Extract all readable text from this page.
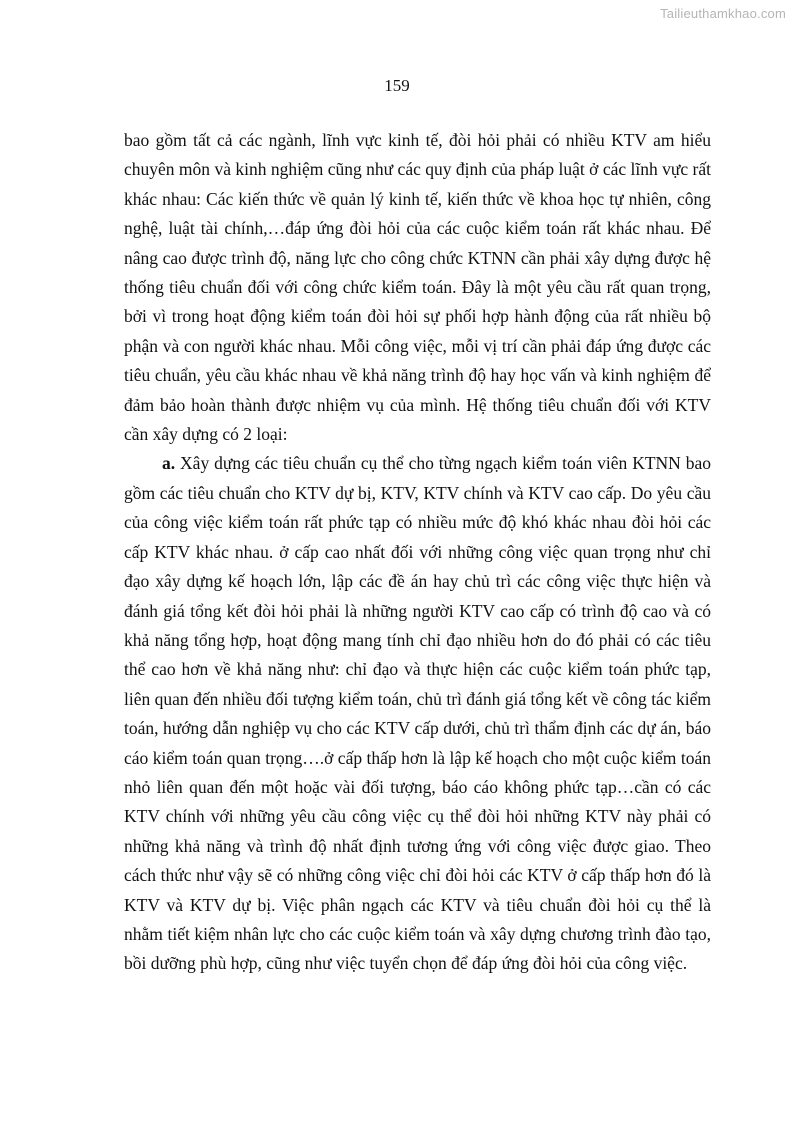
Tailieuthamkhao.com
159

bao gồm tất cả các ngành, lĩnh vực kinh tế, đòi hỏi phải có nhiều KTV am hiểu chuyên môn và kinh nghiệm cũng như các quy định của pháp luật ở các lĩnh vực rất khác nhau: Các kiến thức về quản lý kinh tế, kiến thức về khoa học tự nhiên, công nghệ, luật tài chính,…đáp ứng đòi hỏi của các cuộc kiểm toán rất khác nhau. Để nâng cao được trình độ, năng lực cho công chức KTNN cần phải xây dựng được hệ thống tiêu chuẩn đối với công chức kiểm toán. Đây là một yêu cầu rất quan trọng, bởi vì trong hoạt động kiểm toán đòi hỏi sự phối hợp hành động của rất nhiều bộ phận và con người khác nhau. Mỗi công việc, mỗi vị trí cần phải đáp ứng được các tiêu chuẩn, yêu cầu khác nhau về khả năng trình độ hay học vấn và kinh nghiệm để đảm bảo hoàn thành được nhiệm vụ của mình. Hệ thống tiêu chuẩn đối với KTV cần xây dựng có 2 loại:

a. Xây dựng các tiêu chuẩn cụ thể cho từng ngạch kiểm toán viên KTNN bao gồm các tiêu chuẩn cho KTV dự bị, KTV, KTV chính và KTV cao cấp. Do yêu cầu của công việc kiểm toán rất phức tạp có nhiều mức độ khó khác nhau đòi hỏi các cấp KTV khác nhau. ở cấp cao nhất đối với những công việc quan trọng như chỉ đạo xây dựng kế hoạch lớn, lập các đề án hay chủ trì các công việc thực hiện và đánh giá tổng kết đòi hỏi phải là những người KTV cao cấp có trình độ cao và có khả năng tổng hợp, hoạt động mang tính chỉ đạo nhiều hơn do đó phải có các tiêu thể cao hơn về khả năng như: chỉ đạo và thực hiện các cuộc kiểm toán phức tạp, liên quan đến nhiều đối tượng kiểm toán, chủ trì đánh giá tổng kết về công tác kiểm toán, hướng dẫn nghiệp vụ cho các KTV cấp dưới, chủ trì thẩm định các dự án, báo cáo kiểm toán quan trọng….ở cấp thấp hơn là lập kế hoạch cho một cuộc kiểm toán nhỏ liên quan đến một hoặc vài đối tượng, báo cáo không phức tạp…cần có các KTV chính với những yêu cầu công việc cụ thể đòi hỏi những KTV này phải có những khả năng và trình độ nhất định tương ứng với công việc được giao. Theo cách thức như vậy sẽ có những công việc chỉ đòi hỏi các KTV ở cấp thấp hơn đó là KTV và KTV dự bị. Việc phân ngạch các KTV và tiêu chuẩn đòi hỏi cụ thể là nhằm tiết kiệm nhân lực cho các cuộc kiểm toán và xây dựng chương trình đào tạo, bồi dưỡng phù hợp, cũng như việc tuyển chọn để đáp ứng đòi hỏi của công việc.
